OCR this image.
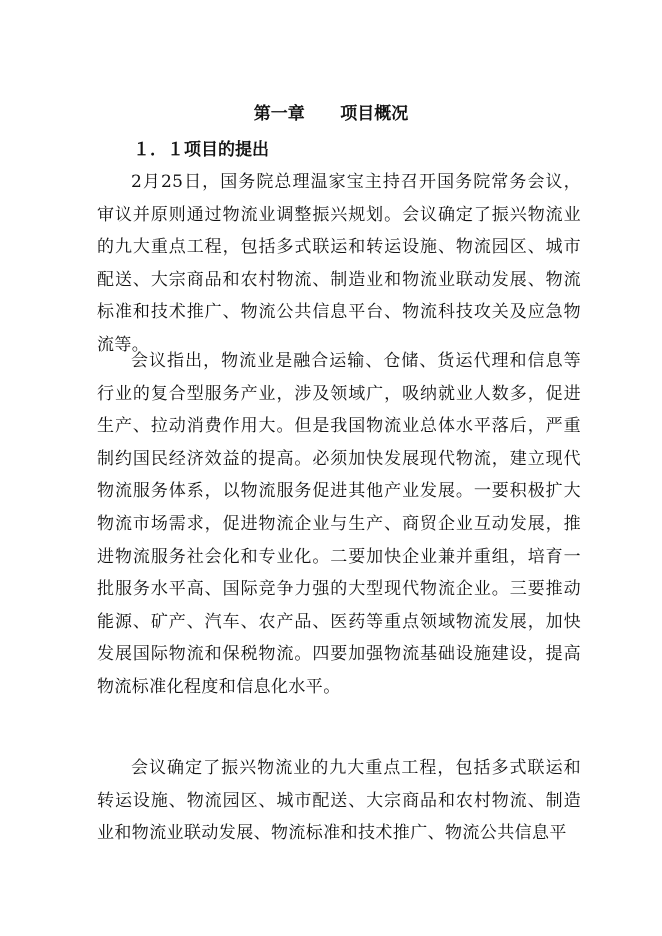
第一章      项目概况
１．１项目的提出

2月25日，国务院总理温家宝主持召开国务院常务会议，审议并原则通过物流业调整振兴规划。会议确定了振兴物流业的九大重点工程，包括多式联运和转运设施、物流园区、城市配送、大宗商品和农村物流、制造业和物流业联动发展、物流标准和技术推广、物流公共信息平台、物流科技攻关及应急物流等。

会议指出，物流业是融合运输、仓储、货运代理和信息等行业的复合型服务产业，涉及领域广，吸纳就业人数多，促进生产、拉动消费作用大。但是我国物流业总体水平落后，严重制约国民经济效益的提高。必须加快发展现代物流，建立现代物流服务体系，以物流服务促进其他产业发展。一要积极扩大物流市场需求，促进物流企业与生产、商贸企业互动发展，推进物流服务社会化和专业化。二要加快企业兼并重组，培育一批服务水平高、国际竞争力强的大型现代物流企业。三要推动能源、矿产、汽车、农产品、医药等重点领域物流发展，加快发展国际物流和保税物流。四要加强物流基础设施建设，提高物流标准化程度和信息化水平。

会议确定了振兴物流业的九大重点工程，包括多式联运和转运设施、物流园区、城市配送、大宗商品和农村物流、制造业和物流业联动发展、物流标准和技术推广、物流公共信息平
